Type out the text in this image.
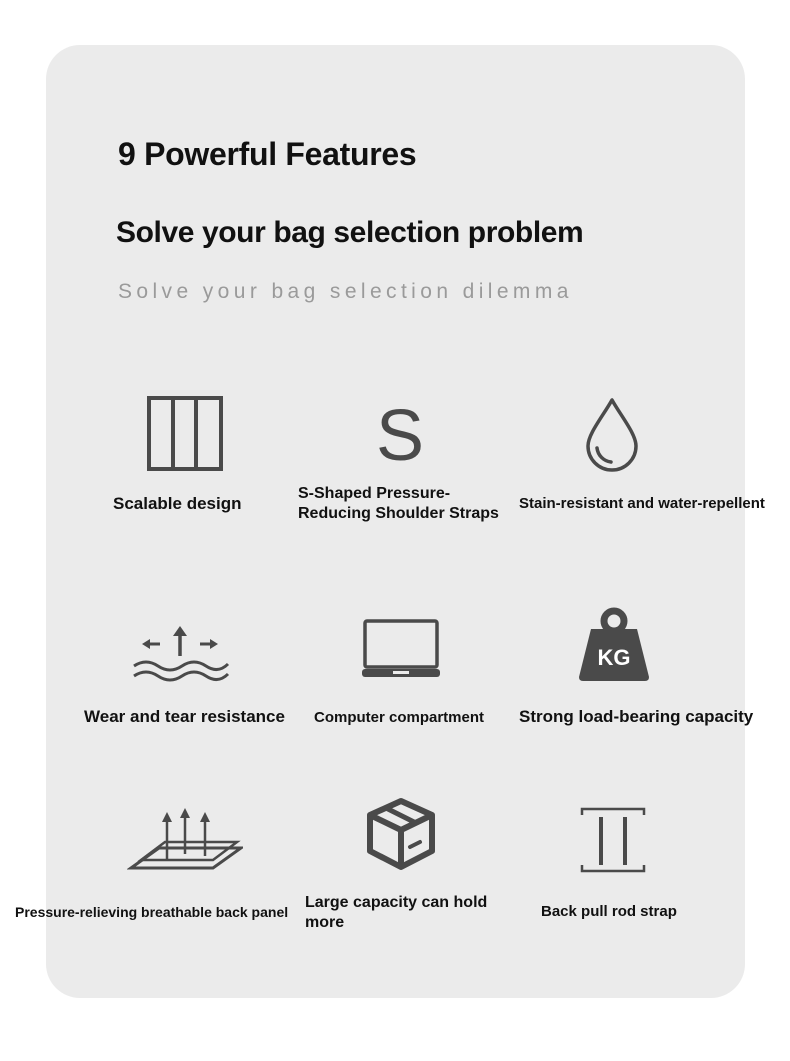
9 Powerful Features
Solve your bag selection problem
Solve your bag selection dilemma
Scalable design
S
S-Shaped Pressure-Reducing Shoulder Straps
Stain-resistant and water-repellent
Wear and tear resistance Computer compartment
KG
Strong load-bearing capacity
Pressure-relieving breathable back panel
Large capacity can hold more
Back pull rod strap
